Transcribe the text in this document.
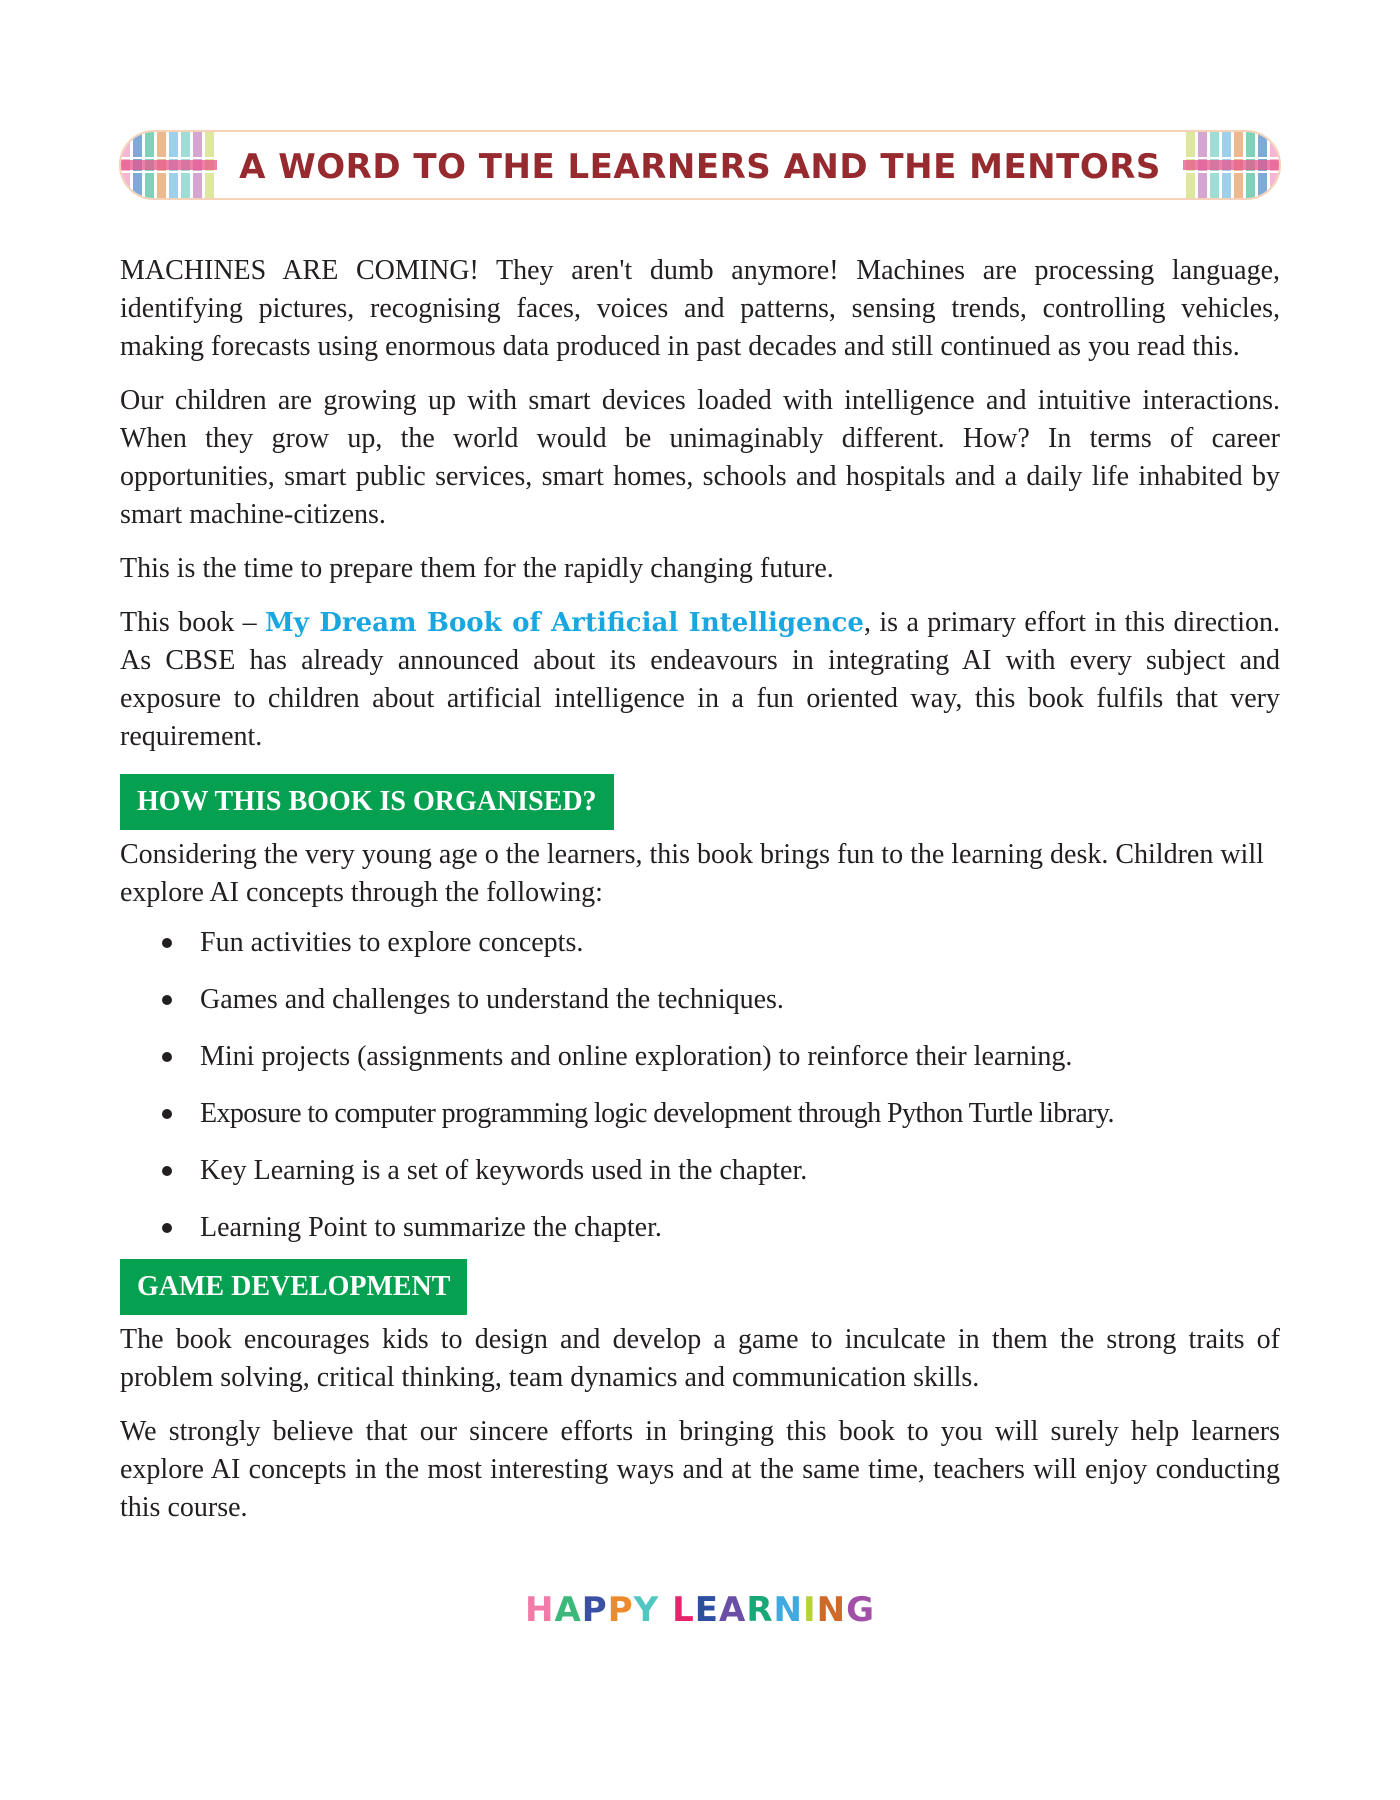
A WORD TO THE LEARNERS AND THE MENTORS

MACHINES ARE COMING! They aren't dumb anymore! Machines are processing language, identifying pictures, recognising faces, voices and patterns, sensing trends, controlling vehicles, making forecasts using enormous data produced in past decades and still continued as you read this.

Our children are growing up with smart devices loaded with intelligence and intuitive interactions. When they grow up, the world would be unimaginably different. How? In terms of career opportunities, smart public services, smart homes, schools and hospitals and a daily life inhabited by smart machine-citizens.

This is the time to prepare them for the rapidly changing future.

This book – My Dream Book of Artificial Intelligence, is a primary effort in this direction. As CBSE has already announced about its endeavours in integrating AI with every subject and exposure to children about artificial intelligence in a fun oriented way, this book fulfils that very requirement.

HOW THIS BOOK IS ORGANISED?

Considering the very young age o the learners, this book brings fun to the learning desk. Children will explore AI concepts through the following:

Fun activities to explore concepts.
Games and challenges to understand the techniques.
Mini projects (assignments and online exploration) to reinforce their learning.
Exposure to computer programming logic development through Python Turtle library.
Key Learning is a set of keywords used in the chapter.
Learning Point to summarize the chapter.
GAME DEVELOPMENT

The book encourages kids to design and develop a game to inculcate in them the strong traits of problem solving, critical thinking, team dynamics and communication skills.

We strongly believe that our sincere efforts in bringing this book to you will surely help learners explore AI concepts in the most interesting ways and at the same time, teachers will enjoy conducting this course.

HAPPY LEARNING
